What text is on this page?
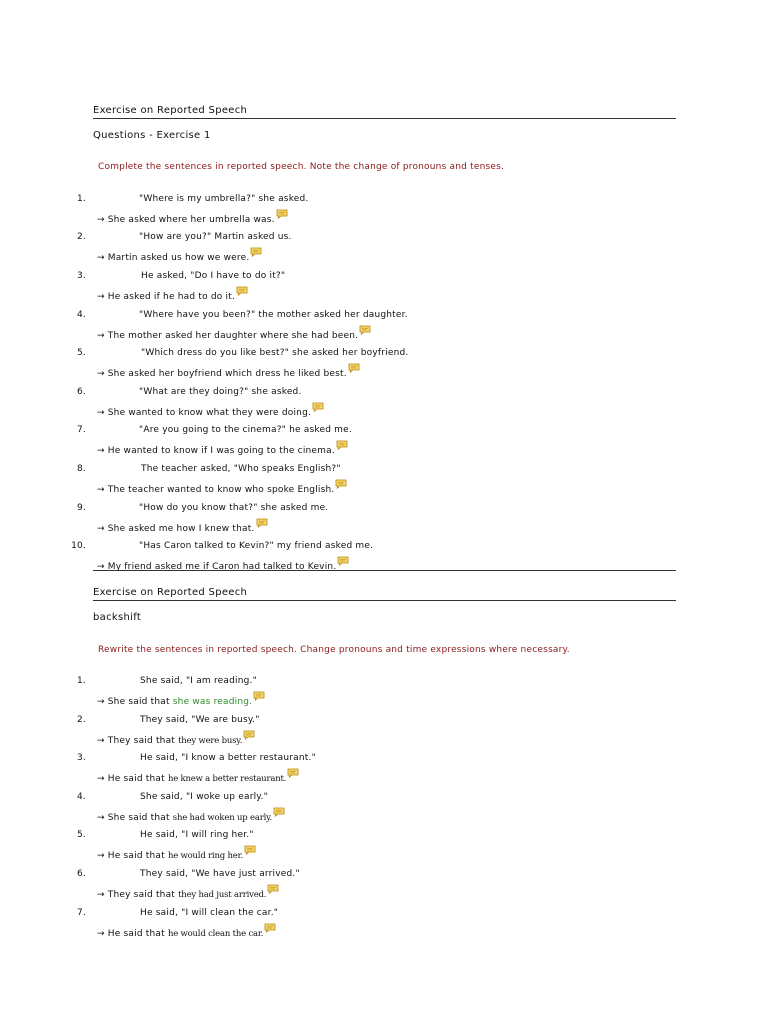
Exercise on Reported Speech
Questions - Exercise 1
Complete the sentences in reported speech. Note the change of pronouns and tenses.
1.	"Where is my umbrella?" she asked.
→ She asked where her umbrella was.
2.	"How are you?" Martin asked us.
→ Martin asked us how we were.
3.	He asked, "Do I have to do it?"
→ He asked if he had to do it.
4.	"Where have you been?" the mother asked her daughter.
→ The mother asked her daughter where she had been.
5.	"Which dress do you like best?" she asked her boyfriend.
→ She asked her boyfriend which dress he liked best.
6.	"What are they doing?" she asked.
→ She wanted to know what they were doing.
7.	"Are you going to the cinema?" he asked me.
→ He wanted to know if I was going to the cinema.
8.	The teacher asked, "Who speaks English?"
→ The teacher wanted to know who spoke English.
9.	"How do you know that?" she asked me.
→ She asked me how I knew that.
10.	"Has Caron talked to Kevin?" my friend asked me.
→ My friend asked me if Caron had talked to Kevin.
Exercise on Reported Speech
backshift
Rewrite the sentences in reported speech. Change pronouns and time expressions where necessary.
1.	She said, "I am reading."
→ She said that she was reading.
2.	They said, "We are busy."
→ They said that they were busy.
3.	He said, "I know a better restaurant."
→ He said that he knew a better restaurant.
4.	She said, "I woke up early."
→ She said that she had woken up early.
5.	He said, "I will ring her."
→ He said that he would ring her.
6.	They said, "We have just arrived."
→ They said that they had just arrived.
7.	He said, "I will clean the car."
→ He said that he would clean the car.
